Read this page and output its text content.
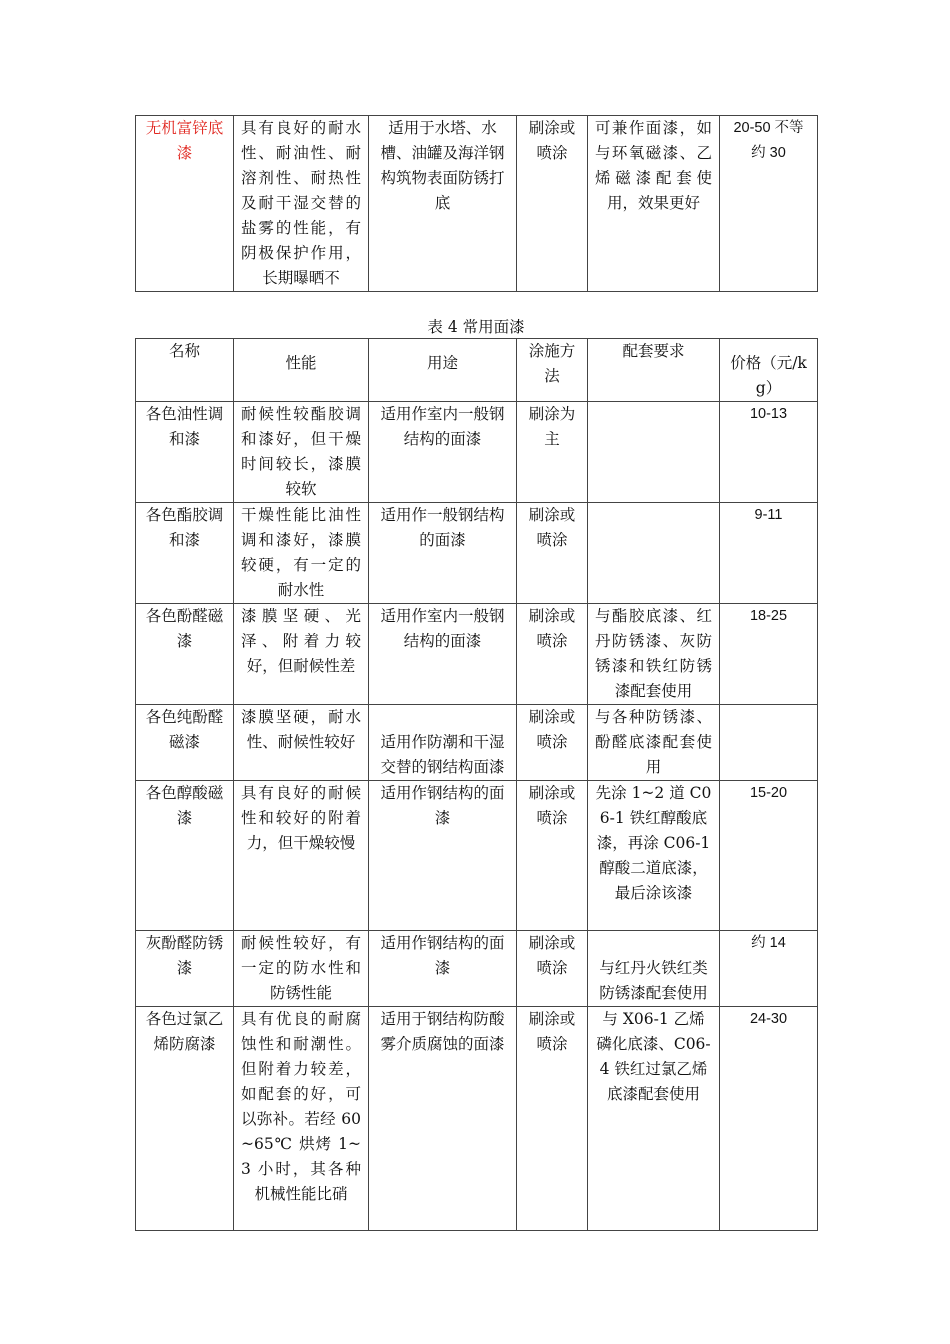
无机富锌底漆	具有良好的耐水性、耐油性、耐溶剂性、耐热性及耐干湿交替的盐雾的性能，有阴极保护作用，长期曝晒不	适用于水塔、水槽、油罐及海洋钢构筑物表面防锈打底	刷涂或喷涂	可兼作面漆，如与环氧磁漆、乙烯磁漆配套使用，效果更好	20-50 不等约 30
表 4 常用面漆
名称	性能	用途	涂施方法	配套要求	价格（元/kg）
各色油性调和漆	耐候性较酯胶调和漆好，但干燥时间较长，漆膜较软	适用作室内一般钢结构的面漆	刷涂为主		10-13
各色酯胶调和漆	干燥性能比油性调和漆好，漆膜较硬，有一定的耐水性	适用作一般钢结构的面漆	刷涂或喷涂		9-11
各色酚醛磁漆	漆膜坚硬、光泽、附着力较好，但耐候性差	适用作室内一般钢结构的面漆	刷涂或喷涂	与酯胶底漆、红丹防锈漆、灰防锈漆和铁红防锈漆配套使用	18-25
各色纯酚醛磁漆	漆膜坚硬，耐水性、耐候性较好	适用作防潮和干湿交替的钢结构面漆	刷涂或喷涂	与各种防锈漆、酚醛底漆配套使用	
各色醇酸磁漆	具有良好的耐候性和较好的附着力，但干燥较慢	适用作钢结构的面漆	刷涂或喷涂	先涂 1~2 道 C06-1 铁红醇酸底漆，再涂 C06-1 醇酸二道底漆，最后涂该漆	15-20
灰酚醛防锈漆	耐候性较好，有一定的防水性和防锈性能	适用作钢结构的面漆	刷涂或喷涂	与红丹火铁红类防锈漆配套使用	约 14
各色过氯乙烯防腐漆	具有优良的耐腐蚀性和耐潮性。但附着力较差，如配套的好，可以弥补。若经 60~65℃ 烘烤 1~3 小时，其各种机械性能比硝	适用于钢结构防酸雾介质腐蚀的面漆	刷涂或喷涂	与 X06-1 乙烯磷化底漆、C06-4 铁红过氯乙烯底漆配套使用	24-30
